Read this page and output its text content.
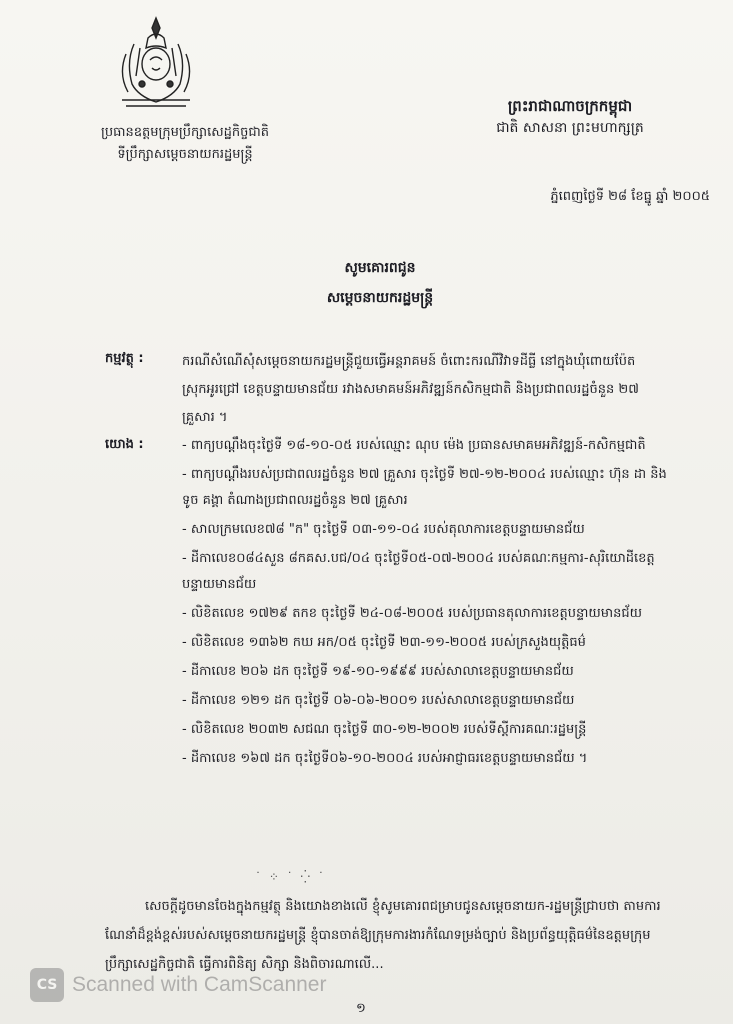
ប្រធានឧត្តមក្រុមប្រឹក្សាសេដ្ឋកិច្ចជាតិ
ទីប្រឹក្សាសម្តេចនាយករដ្ឋមន្រ្តី
ព្រះរាជាណាចក្រកម្ពុជា
ជាតិ សាសនា ព្រះមហាក្សត្រ
ភ្នំពេញថ្ងៃទី ២៨ ខែធ្នូ ឆ្នាំ ២០០៥
សូមគោរពជូន
សម្តេចនាយករដ្ឋមន្រ្តី
កម្មវត្ថុ :	ករណីសំណើសុំសម្តេចនាយករដ្ឋមន្រ្តីជួយធ្វើអន្តរាគមន៍ ចំពោះករណីវិវាទដីធ្លី នៅក្នុងឃុំពោយប៉ែត ស្រុកអូរជ្រៅ ខេត្តបន្ទាយមានជ័យ រវាងសមាគមន៍អភិវឌ្ឍន៍កសិកម្មជាតិ និងប្រជាពលរដ្ឋចំនួន ២៧ គ្រួសារ ។
យោង :	- ពាក្យបណ្តឹងចុះថ្ងៃទី ១៨-១០-០៥ របស់ឈ្មោះ ណុប ម៉េង ប្រធានសមាគមអភិវឌ្ឍន៍-កសិកម្មជាតិ
- ពាក្យបណ្តឹងរបស់ប្រជាពលរដ្ឋចំនួន ២៧ គ្រួសារ ចុះថ្ងៃទី ២៧-១២-២០០៤ របស់ឈ្មោះ ហ៊ុន ដា និង ទូច គង្គា តំណាងប្រជាពលរដ្ឋចំនួន ២៧ គ្រួសារ
- សាលក្រមលេខ៧៨ "ក" ចុះថ្ងៃទី ០៣-១១-០៤ របស់តុលាការខេត្តបន្ទាយមានជ័យ
- ដីកាលេខ០៨៤សួន ៨កគស.បជ/០៤ ចុះថ្ងៃទី០៥-០៧-២០០៤ របស់គណៈកម្មការ-សុរិយោដីខេត្តបន្ទាយមានជ័យ
- លិខិតលេខ ១៧២៩ តកខ ចុះថ្ងៃទី ២៤-០៨-២០០៥ របស់ប្រធានតុលាការខេត្តបន្ទាយមានជ័យ
- លិខិតលេខ ១៣៦២ កឃ អក/០៥ ចុះថ្ងៃទី ២៣-១១-២០០៥ របស់ក្រសួងយុត្តិធម៌
- ដីកាលេខ ២០៦ ដក ចុះថ្ងៃទី ១៩-១០-១៩៩៩ របស់សាលាខេត្តបន្ទាយមានជ័យ
- ដីកាលេខ ១២១ ដក ចុះថ្ងៃទី ០៦-០៦-២០០១ របស់សាលាខេត្តបន្ទាយមានជ័យ
- លិខិតលេខ ២០៣២ សជណ ចុះថ្ងៃទី ៣០-១២-២០០២ របស់ទីស្តីការគណៈរដ្ឋមន្រ្តី
- ដីកាលេខ ១៦៧ ដក ចុះថ្ងៃទី០៦-១០-២០០៤ របស់អាជ្ញាធរខេត្តបន្ទាយមានជ័យ ។
˙ ⁘ ˙ ⁛ ˙
សេចក្តីដូចមានចែងក្នុងកម្មវត្ថុ និងយោងខាងលើ ខ្ញុំសូមគោរពជម្រាបជូនសម្តេចនាយក-រដ្ឋមន្រ្តីជ្រាបថា តាមការណែនាំដ៏ខ្ពង់ខ្ពស់របស់សម្តេចនាយករដ្ឋមន្រ្តី ខ្ញុំបានចាត់ឱ្យក្រុមការងារកំណែទម្រង់ច្បាប់ និងប្រព័ន្ធយុត្តិធម៌នៃឧត្តមក្រុមប្រឹក្សាសេដ្ឋកិច្ចជាតិ ធ្វើការពិនិត្យ សិក្សា និងពិចារណាលើ...
CS Scanned with CamScanner
១
